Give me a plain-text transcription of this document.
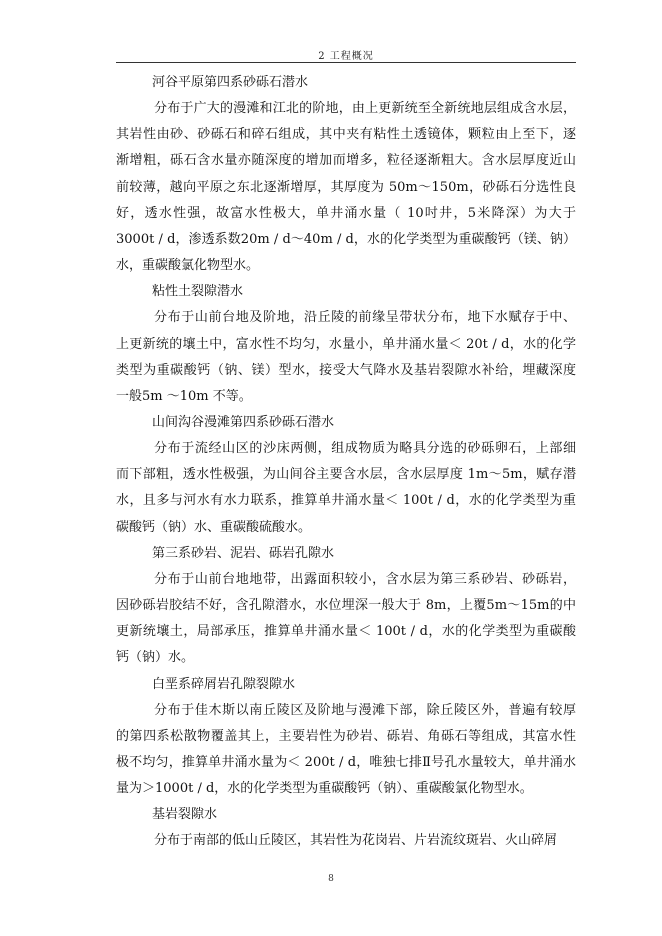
2 工程概况
河谷平原第四系砂砾石潜水
分布于广大的漫滩和江北的阶地，由上更新统至全新统地层组成含水层，
其岩性由砂、砂砾石和碎石组成，其中夹有粘性土透镜体，颗粒由上至下，逐
渐增粗，砾石含水量亦随深度的增加而增多，粒径逐渐粗大。含水层厚度近山
前较薄，越向平原之东北逐渐增厚，其厚度为 50m～150m，砂砾石分选性良
好，透水性强，故富水性极大，单井涌水量（ 10吋井，5米降深）为大于
3000t / d，渗透系数20m / d～40m / d，水的化学类型为重碳酸钙（镁、钠）
水，重碳酸氯化物型水。
粘性土裂隙潜水
分布于山前台地及阶地，沿丘陵的前缘呈带状分布，地下水赋存于中、
上更新统的壤土中，富水性不均匀，水量小，单井涌水量＜ 20t / d，水的化学
类型为重碳酸钙（钠、镁）型水，接受大气降水及基岩裂隙水补给，埋藏深度
一般5m ～10m 不等。
山间沟谷漫滩第四系砂砾石潜水
分布于流经山区的沙床两侧，组成物质为略具分选的砂砾卵石，上部细
而下部粗，透水性极强，为山间谷主要含水层，含水层厚度 1m～5m，赋存潜
水，且多与河水有水力联系，推算单井涌水量＜ 100t / d，水的化学类型为重
碳酸钙（钠）水、重碳酸硫酸水。
第三系砂岩、泥岩、砾岩孔隙水
分布于山前台地地带，出露面积较小，含水层为第三系砂岩、砂砾岩，
因砂砾岩胶结不好，含孔隙潜水，水位埋深一般大于 8m，上覆5m～15m的中
更新统壤土，局部承压，推算单井涌水量＜ 100t / d，水的化学类型为重碳酸
钙（钠）水。
白垩系碎屑岩孔隙裂隙水
分布于佳木斯以南丘陵区及阶地与漫滩下部，除丘陵区外，普遍有较厚
的第四系松散物覆盖其上，主要岩性为砂岩、砾岩、角砾石等组成，其富水性
极不均匀，推算单井涌水量为＜ 200t / d，唯独七排Ⅱ号孔水量较大，单井涌水
量为＞1000t / d，水的化学类型为重碳酸钙（钠）、重碳酸氯化物型水。
基岩裂隙水
分布于南部的低山丘陵区，其岩性为花岗岩、片岩流纹斑岩、火山碎屑
8
